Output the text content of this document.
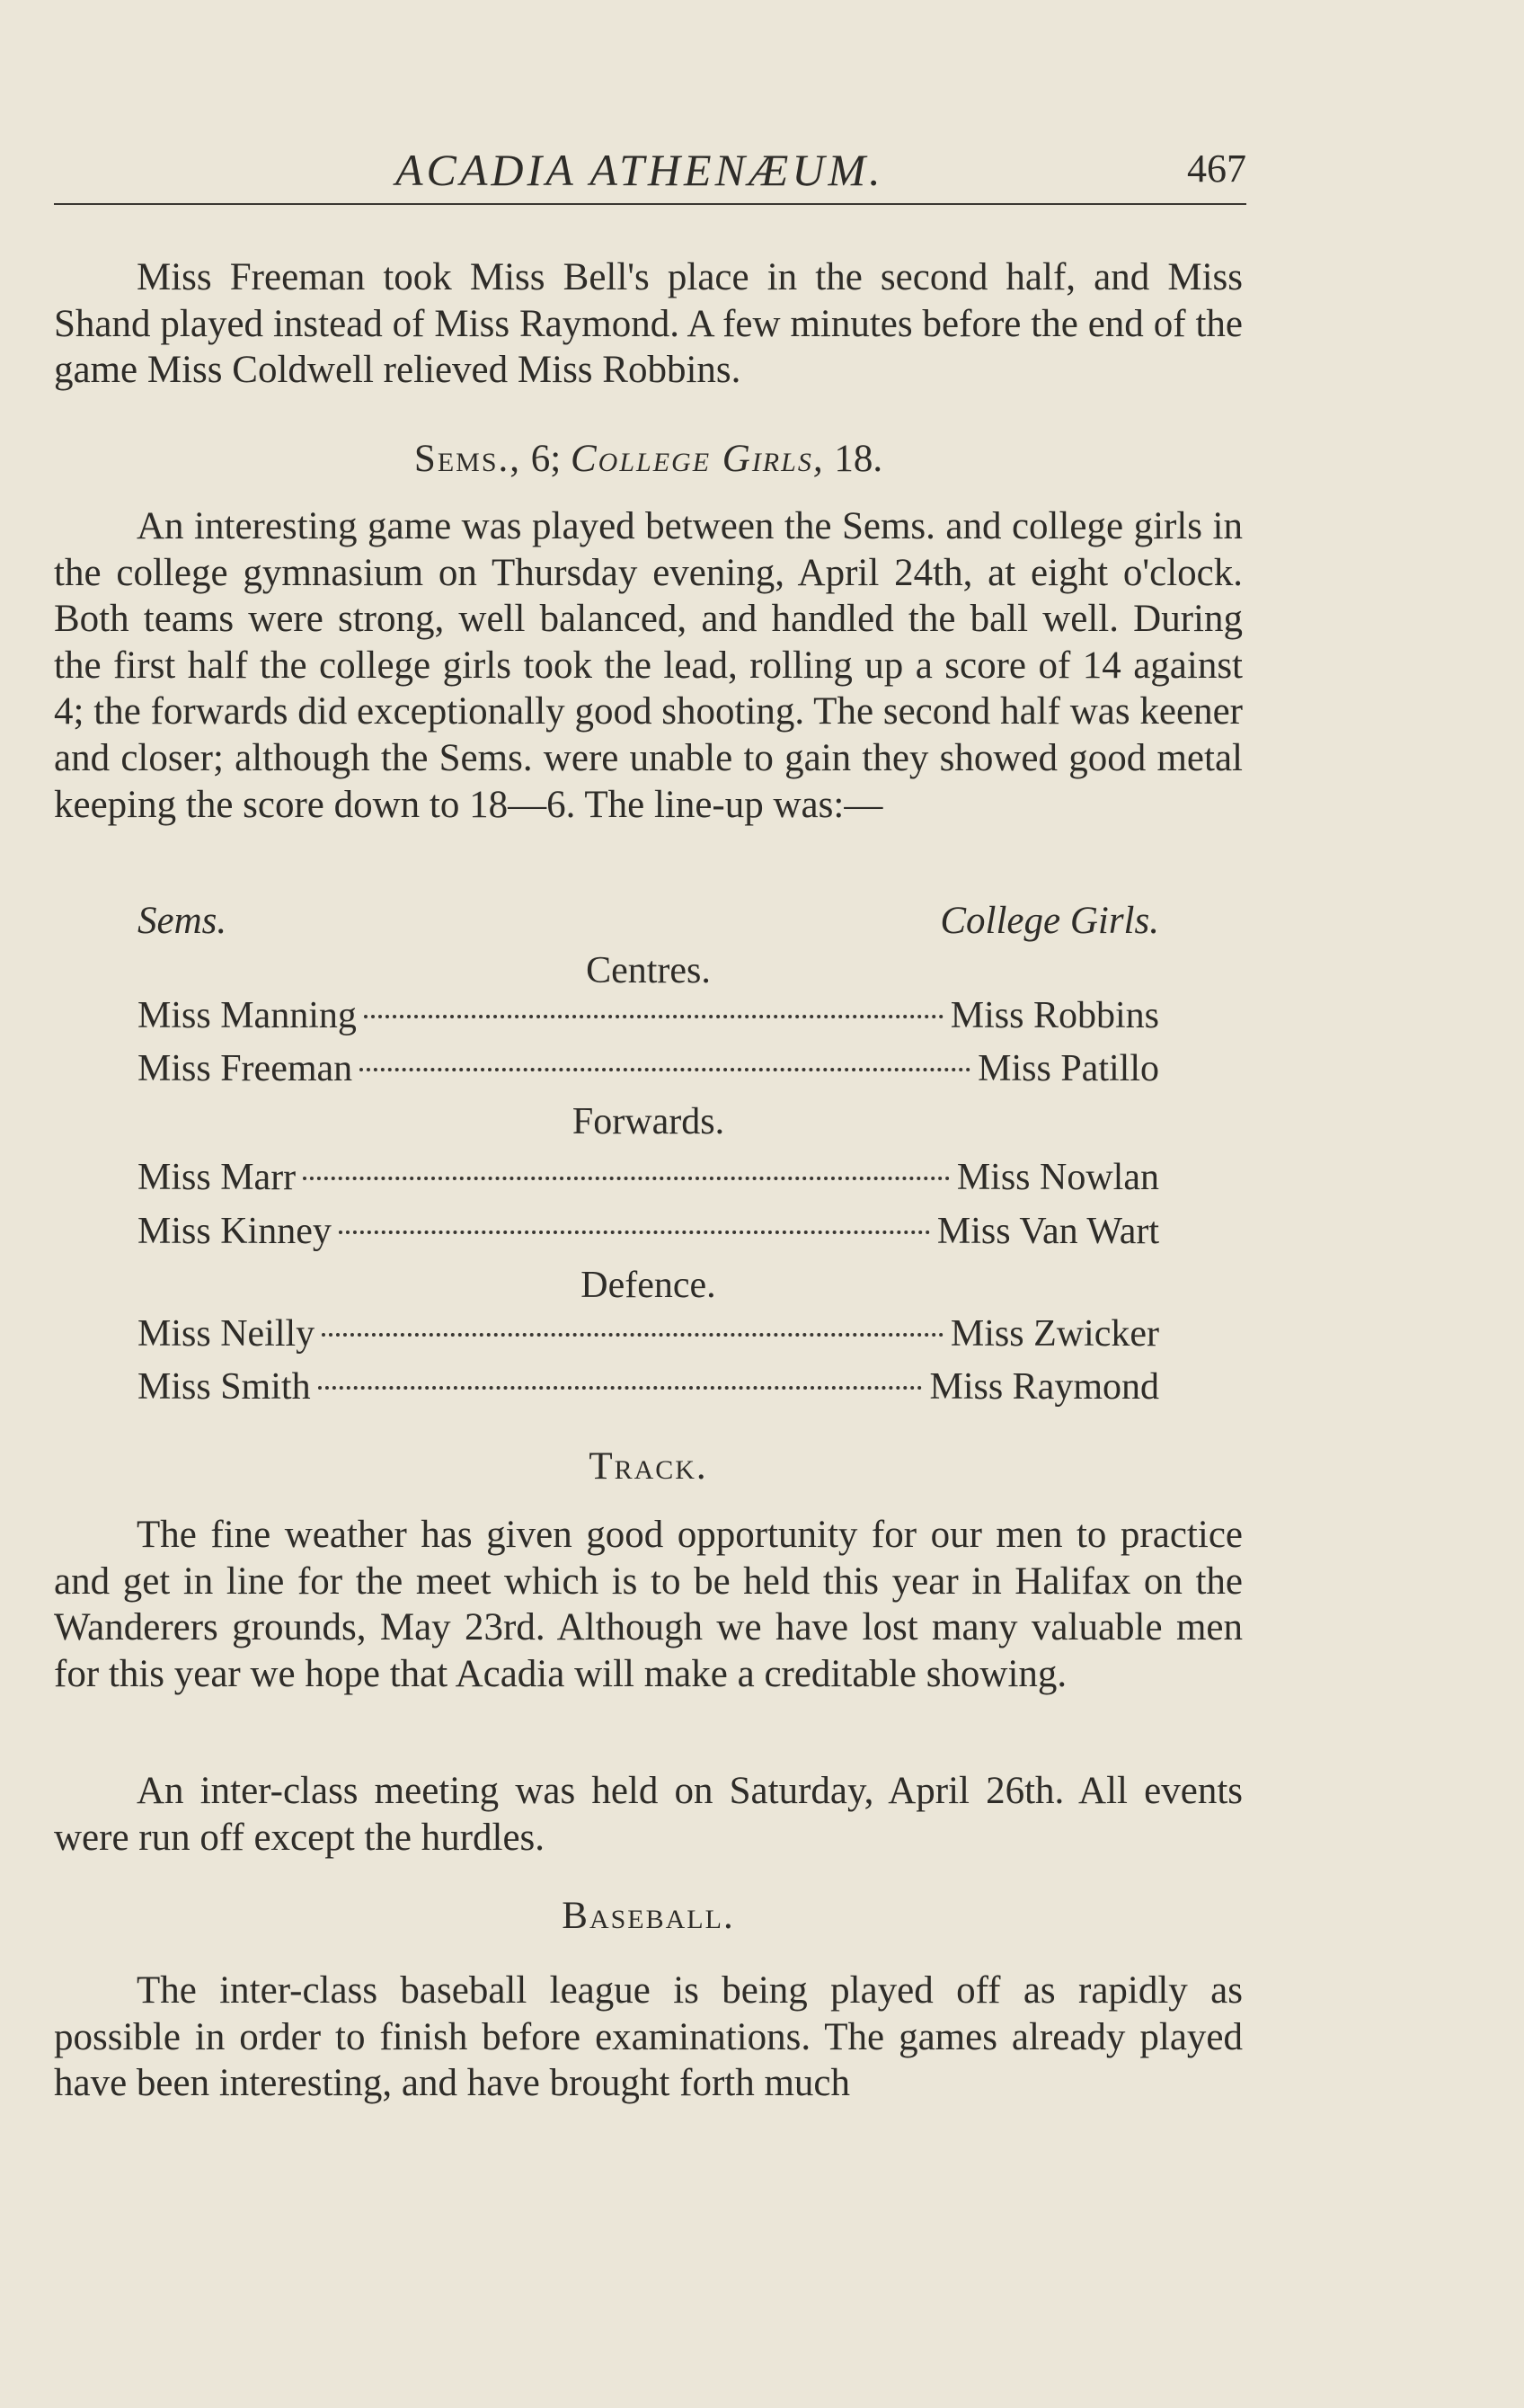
ACADIA ATHENÆUM.	467

Miss Freeman took Miss Bell's place in the second half, and Miss Shand played instead of Miss Raymond. A few minutes before the end of the game Miss Coldwell relieved Miss Robbins.

Sems., 6; College Girls, 18.

An interesting game was played between the Sems. and college girls in the college gymnasium on Thursday evening, April 24th, at eight o'clock. Both teams were strong, well balanced, and handled the ball well. During the first half the college girls took the lead, rolling up a score of 14 against 4; the forwards did exceptionally good shooting. The second half was keener and closer; although the Sems. were unable to gain they showed good metal keeping the score down to 18—6. The line-up was:—

Sems.	College Girls.

Centres.

Miss Manning	Miss Robbins
Miss Freeman	Miss Patillo

Forwards.

Miss Marr	Miss Nowlan
Miss Kinney	Miss Van Wart

Defence.

Miss Neilly	Miss Zwicker
Miss Smith	Miss Raymond

Track.

The fine weather has given good opportunity for our men to practice and get in line for the meet which is to be held this year in Halifax on the Wanderers grounds, May 23rd. Although we have lost many valuable men for this year we hope that Acadia will make a creditable showing.

An inter-class meeting was held on Saturday, April 26th. All events were run off except the hurdles.

Baseball.

The inter-class baseball league is being played off as rapidly as possible in order to finish before examinations. The games already played have been interesting, and have brought forth much
